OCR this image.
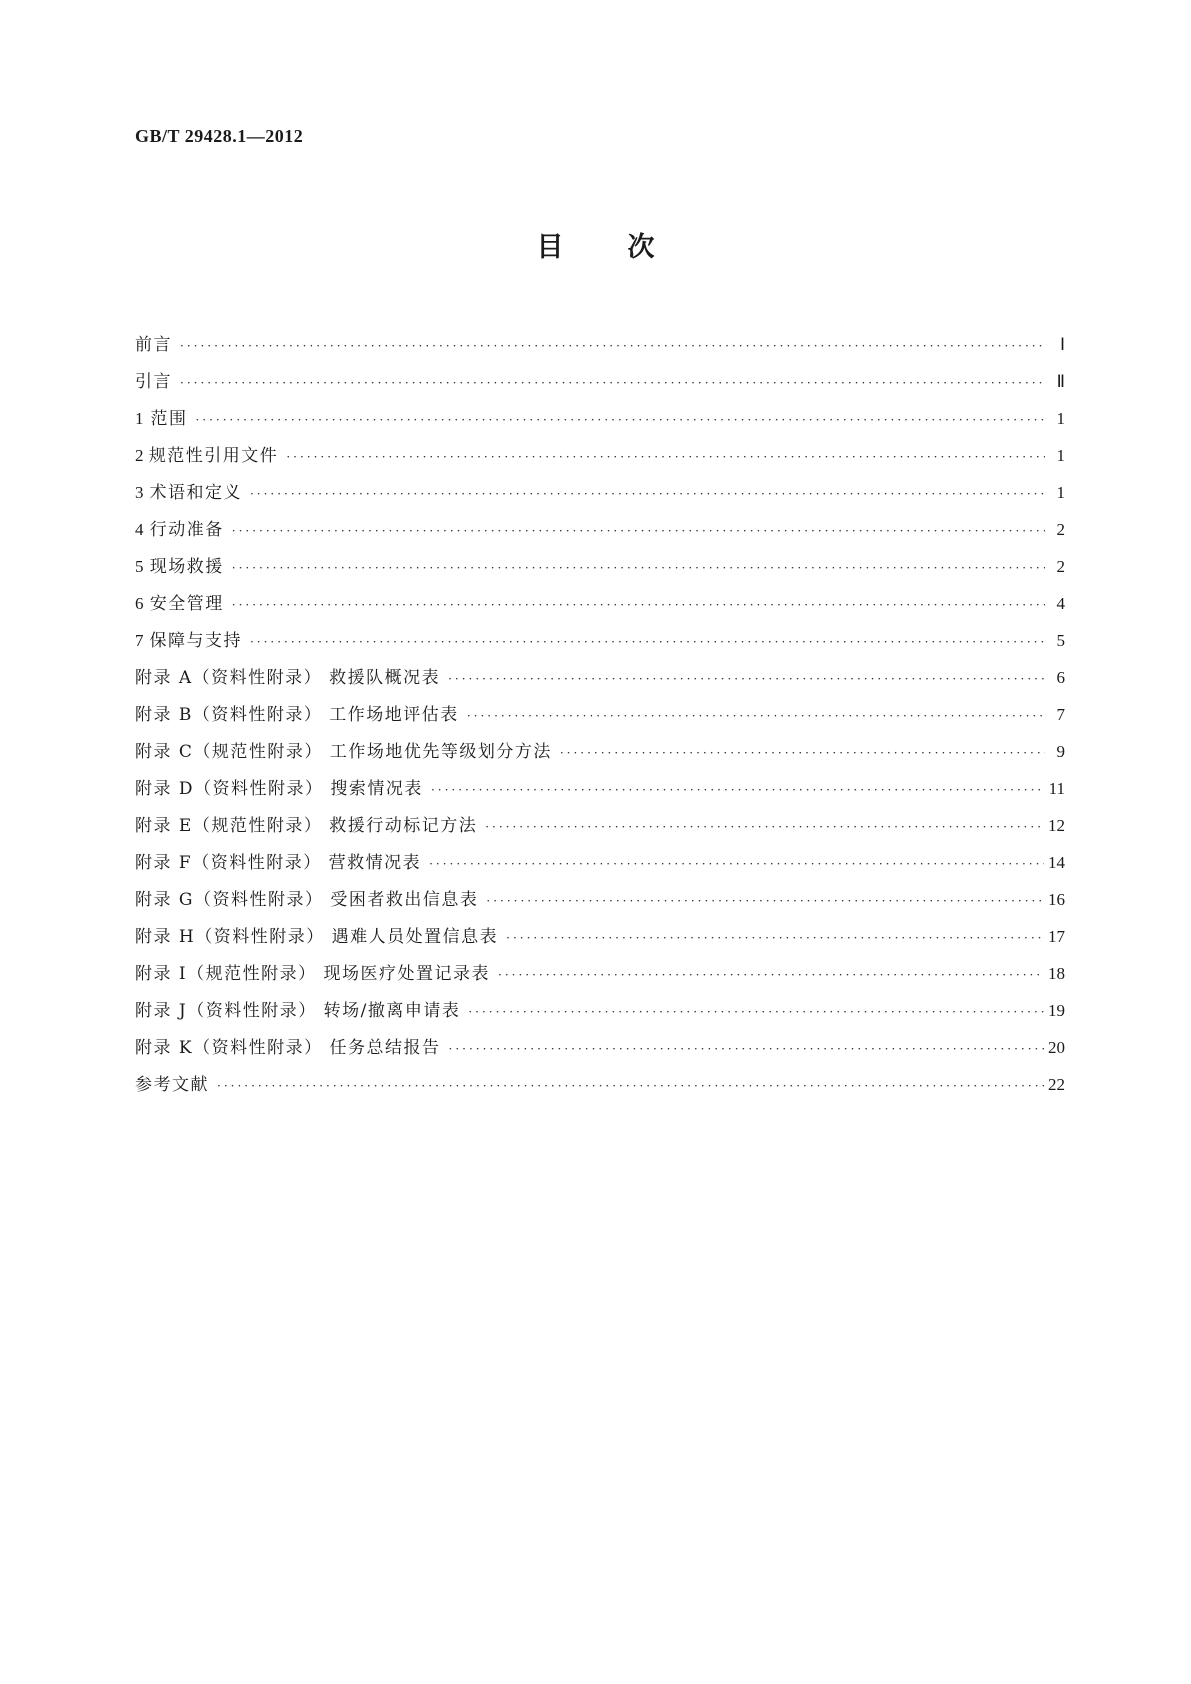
GB/T 29428.1—2012
目次
前言 ·····	Ⅰ
引言 ·····	Ⅱ
1 范围 ·····	1
2 规范性引用文件 ·····	1
3 术语和定义 ·····	1
4 行动准备 ·····	2
5 现场救援 ·····	2
6 安全管理 ·····	4
7 保障与支持 ·····	5
附录 A（资料性附录） 救援队概况表 ·····	6
附录 B（资料性附录） 工作场地评估表 ·····	7
附录 C（规范性附录） 工作场地优先等级划分方法 ·····	9
附录 D（资料性附录） 搜索情况表 ·····	11
附录 E（规范性附录） 救援行动标记方法 ·····	12
附录 F（资料性附录） 营救情况表 ·····	14
附录 G（资料性附录） 受困者救出信息表 ·····	16
附录 H（资料性附录） 遇难人员处置信息表 ·····	17
附录 I（规范性附录） 现场医疗处置记录表 ·····	18
附录 J（资料性附录） 转场/撤离申请表 ·····	19
附录 K（资料性附录） 任务总结报告 ·····	20
参考文献 ·····	22
